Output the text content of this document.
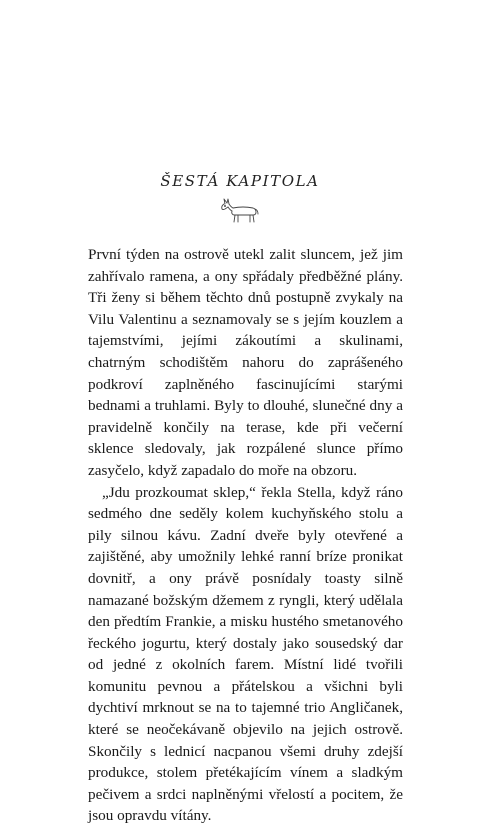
ŠESTÁ KAPITOLA

První týden na ostrově utekl zalit sluncem, jež jim zahřívalo ramena, a ony spřádaly předběžné plány. Tři ženy si během těchto dnů postupně zvykaly na Vilu Valentinu a seznamovaly se s jejím kouzlem a tajemstvími, jejími zákoutími a skulinami, chatrným schodištěm nahoru do zaprášeného podkroví zaplněného fascinujícími starými bednami a truhlami. Byly to dlouhé, slunečné dny a pravidelně končily na terase, kde při večerní sklence sledovaly, jak rozpálené slunce přímo zasyčelo, když zapadalo do moře na obzoru.

„Jdu prozkoumat sklep,“ řekla Stella, když ráno sedmého dne seděly kolem kuchyňského stolu a pily silnou kávu. Zadní dveře byly otevřené a zajištěné, aby umožnily lehké ranní bríze pronikat dovnitř, a ony právě posnídaly toasty silně namazané božským džemem z ryngli, který udělala den předtím Frankie, a misku hustého smetanového řeckého jogurtu, který dostaly jako sousedský dar od jedné z okolních farem. Místní lidé tvořili komunitu pevnou a přátelskou a všichni byli dychtiví mrknout se na to tajemné trio Angličanek, které se neočekávaně objevilo na jejich ostrově. Skončily s lednicí nacpanou všemi druhy zdejší produkce, stolem přetékajícím vínem a sladkým pečivem a srdci naplněnými vřelostí a pocitem, že jsou opravdu vítány.
